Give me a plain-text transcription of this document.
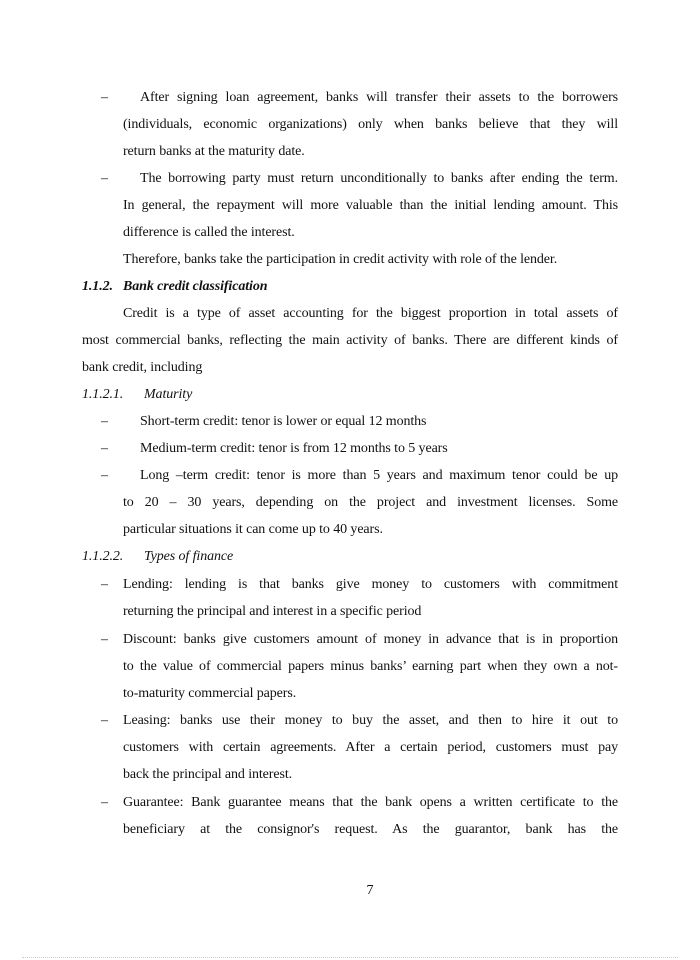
– After signing loan agreement, banks will transfer their assets to the borrowers
(individuals, economic organizations) only when banks believe that they will
return banks at the maturity date.
– The borrowing party must return unconditionally to banks after ending the term.
In general, the repayment will more valuable than the initial lending amount. This
difference is called the interest.
Therefore, banks take the participation in credit activity with role of the lender.
1.1.2. Bank credit classification
Credit is a type of asset accounting for the biggest proportion in total assets of
most commercial banks, reflecting the main activity of banks. There are different kinds of
bank credit, including
1.1.2.1. Maturity
– Short-term credit: tenor is lower or equal 12 months
– Medium-term credit: tenor is from 12 months to 5 years
– Long –term credit: tenor is more than 5 years and maximum tenor could be up
to 20 – 30 years, depending on the project and investment licenses. Some
particular situations it can come up to 40 years.
1.1.2.2. Types of finance
– Lending: lending is that banks give money to customers with commitment
returning the principal and interest in a specific period
– Discount: banks give customers amount of money in advance that is in proportion
to the value of commercial papers minus banks’ earning part when they own a not-
to-maturity commercial papers.
– Leasing: banks use their money to buy the asset, and then to hire it out to
customers with certain agreements. After a certain period, customers must pay
back the principal and interest.
– Guarantee: Bank guarantee means that the bank opens a written certificate to the
beneficiary at the consignor's request. As the guarantor, bank has the
7
